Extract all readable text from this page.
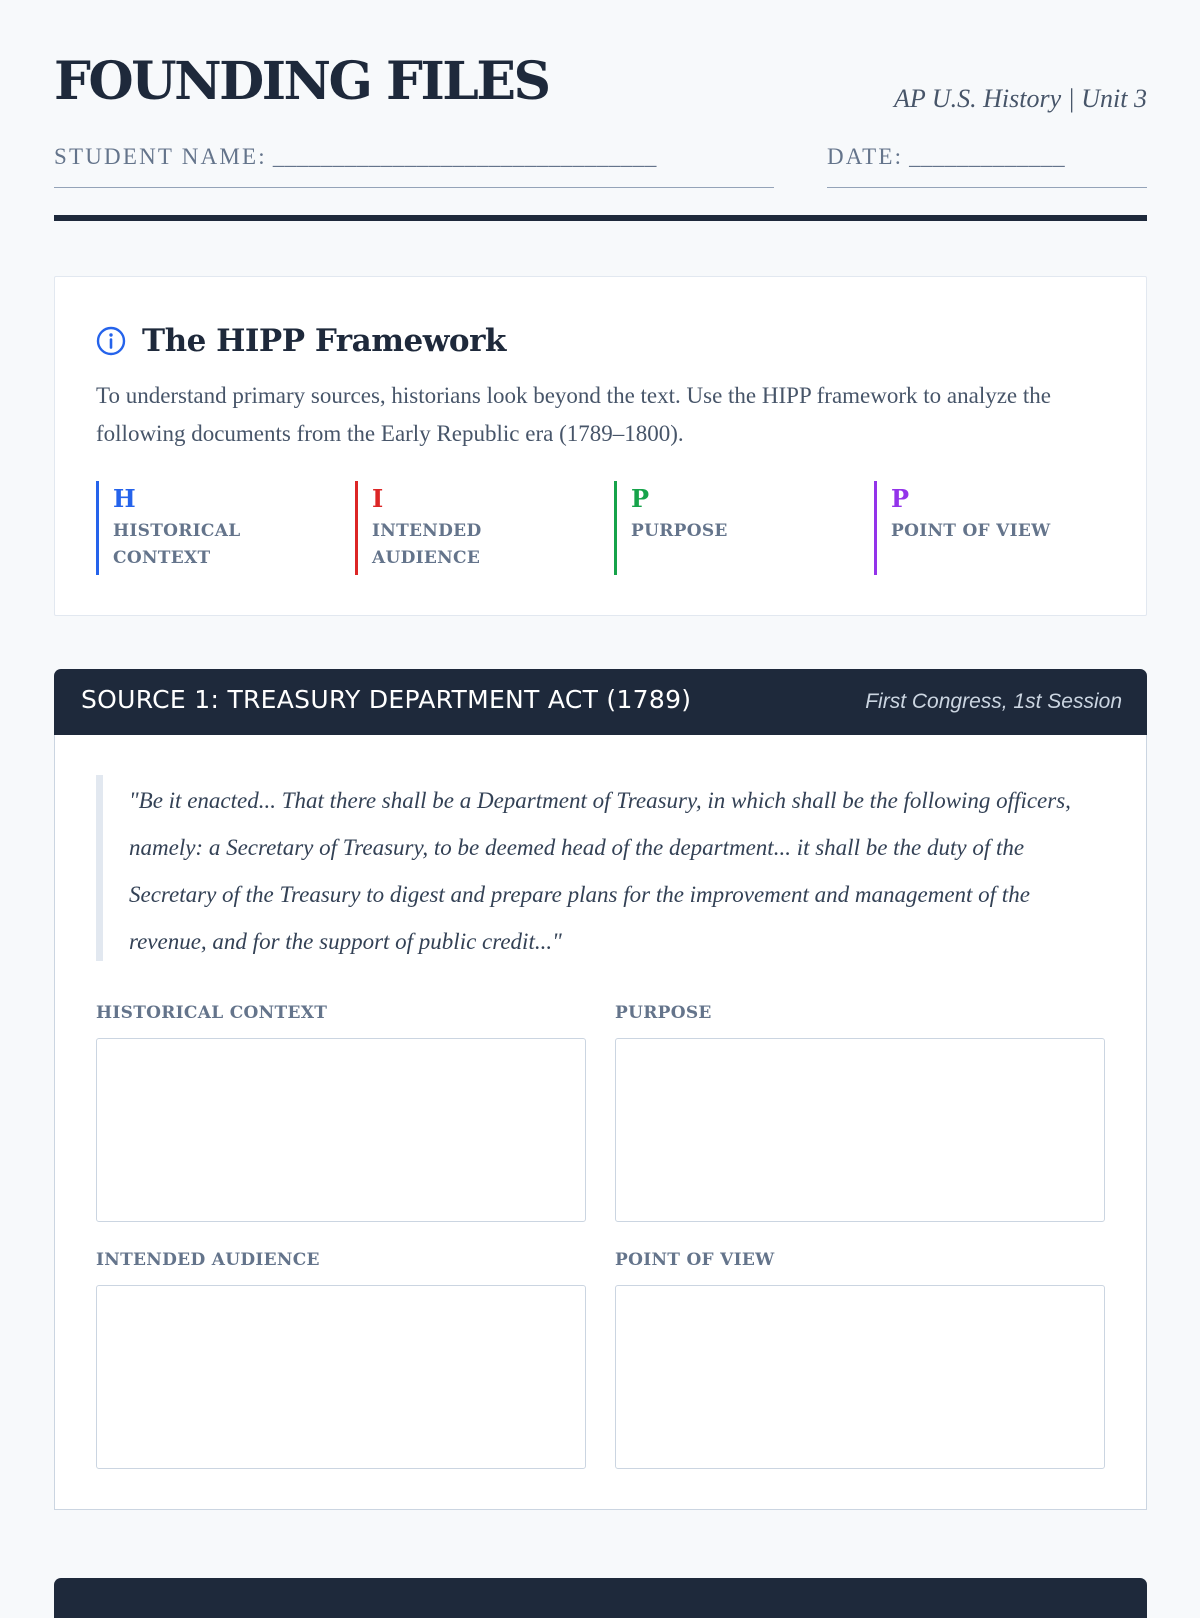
FOUNDING FILES	AP U.S. History | Unit 3
STUDENT NAME: ________________________________	DATE: _____________
The HIPP Framework

To understand primary sources, historians look beyond the text. Use the HIPP framework to analyze the following documents from the Early Republic era (1789–1800).

H
HISTORICAL CONTEXT
I
INTENDED AUDIENCE
P
PURPOSE
P
POINT OF VIEW
SOURCE 1: TREASURY DEPARTMENT ACT (1789)	First Congress, 1st Session

"Be it enacted... That there shall be a Department of Treasury, in which shall be the following officers, namely: a Secretary of Treasury, to be deemed head of the department... it shall be the duty of the Secretary of the Treasury to digest and prepare plans for the improvement and management of the revenue, and for the support of public credit..."

HISTORICAL CONTEXT	PURPOSE
INTENDED AUDIENCE	POINT OF VIEW
